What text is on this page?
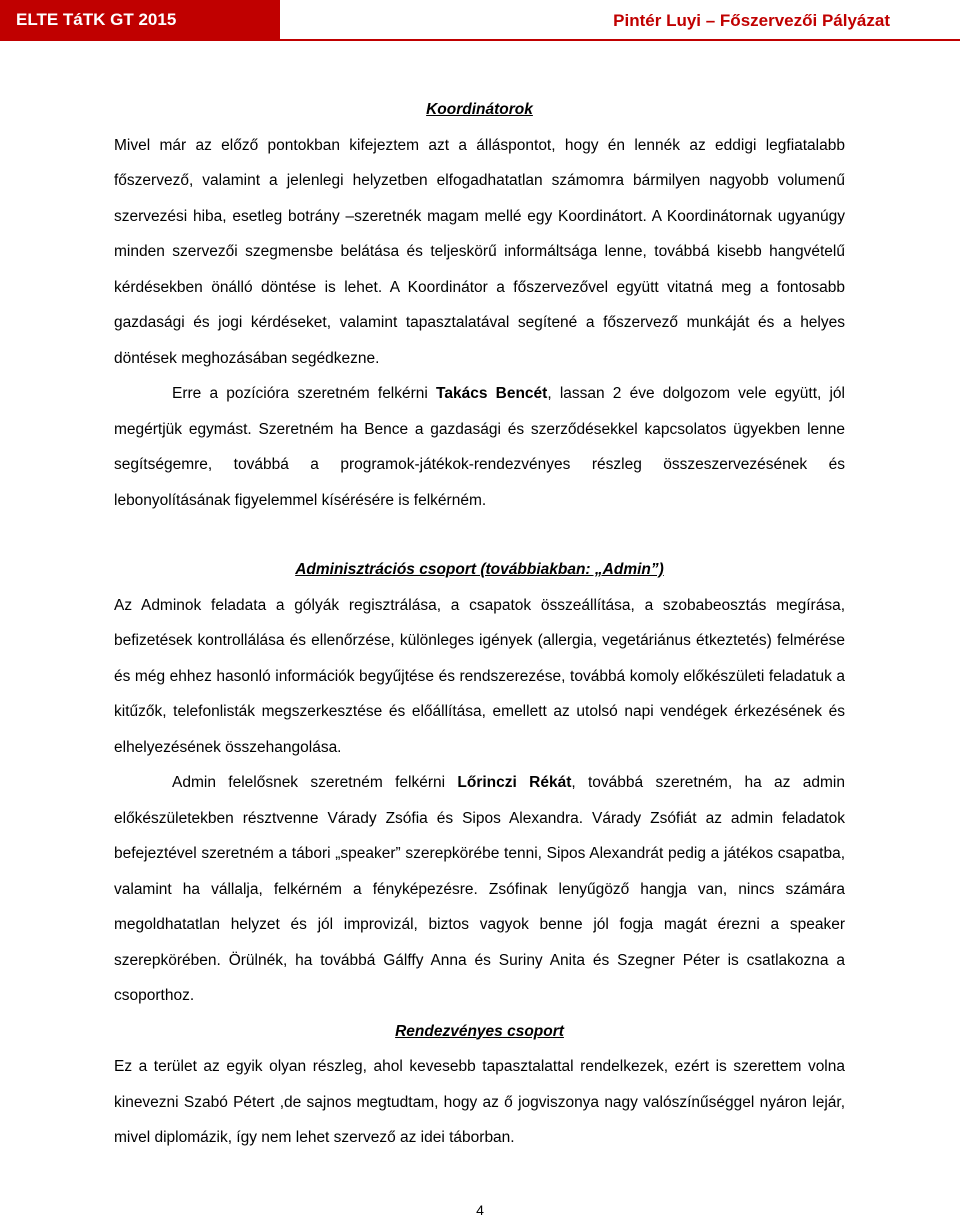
ELTE TáTK GT 2015	Pintér Luyi – Főszervezői Pályázat

Koordinátorok

Mivel már az előző pontokban kifejeztem azt a álláspontot, hogy én lennék az eddigi legfiatalabb főszervező, valamint a jelenlegi helyzetben elfogadhatatlan számomra bármilyen nagyobb volumenű szervezési hiba, esetleg botrány –szeretnék magam mellé egy Koordinátort. A Koordinátornak ugyanúgy minden szervezői szegmensbe belátása és teljeskörű informáltsága lenne, továbbá kisebb hangvételű kérdésekben önálló döntése is lehet. A Koordinátor a főszervezővel együtt vitatná meg a fontosabb gazdasági és jogi kérdéseket, valamint tapasztalatával segítené a főszervező munkáját és a helyes döntések meghozásában segédkezne.

Erre a pozícióra szeretném felkérni Takács Bencét, lassan 2 éve dolgozom vele együtt, jól megértjük egymást. Szeretném ha Bence a gazdasági és szerződésekkel kapcsolatos ügyekben lenne segítségemre, továbbá a programok-játékok-rendezvényes részleg összeszervezésének és lebonyolításának figyelemmel kísérésére is felkérném.

Adminisztrációs csoport (továbbiakban: „Admin”)

Az Adminok feladata a gólyák regisztrálása, a csapatok összeállítása, a szobabeosztás megírása, befizetések kontrollálása és ellenőrzése, különleges igények (allergia, vegetáriánus étkeztetés) felmérése és még ehhez hasonló információk begyűjtése és rendszerezése, továbbá komoly előkészületi feladatuk a kitűzők, telefonlisták megszerkesztése és előállítása, emellett az utolsó napi vendégek érkezésének és elhelyezésének összehangolása.

Admin felelősnek szeretném felkérni Lőrinczi Rékát, továbbá szeretném, ha az admin előkészületekben résztvenne Várady Zsófia és Sipos Alexandra. Várady Zsófiát az admin feladatok befejeztével szeretném a tábori „speaker” szerepkörébe tenni, Sipos Alexandrát pedig a játékos csapatba, valamint ha vállalja, felkérném a fényképezésre. Zsófinak lenyűgöző hangja van, nincs számára megoldhatatlan helyzet és jól improvizál, biztos vagyok benne jól fogja magát érezni a speaker szerepkörében. Örülnék, ha továbbá Gálffy Anna és Suriny Anita és Szegner Péter is csatlakozna a csoporthoz.

Rendezvényes csoport

Ez a terület az egyik olyan részleg, ahol kevesebb tapasztalattal rendelkezek, ezért is szerettem volna kinevezni Szabó Pétert ,de sajnos megtudtam, hogy az ő jogviszonya nagy valószínűséggel nyáron lejár, mivel diplomázik, így nem lehet szervező az idei táborban.

4
